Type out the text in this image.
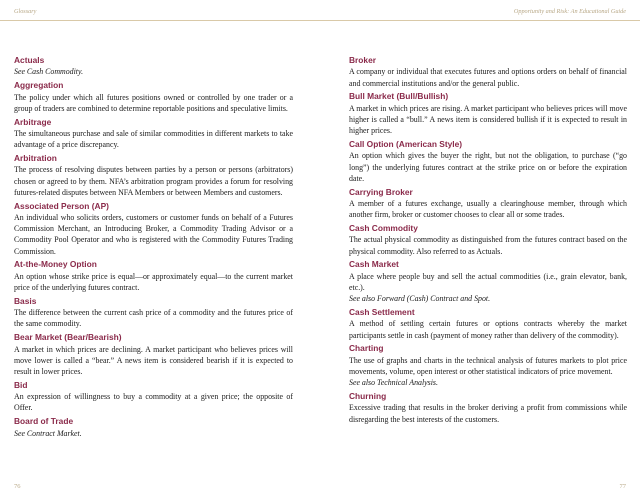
Glossary	Opportunity and Risk: An Educational Guide
Actuals
See Cash Commodity.
Aggregation
The policy under which all futures positions owned or controlled by one trader or a group of traders are combined to determine reportable positions and speculative limits.
Arbitrage
The simultaneous purchase and sale of similar commodities in different markets to take advantage of a price discrepancy.
Arbitration
The process of resolving disputes between parties by a person or persons (arbitrators) chosen or agreed to by them. NFA’s arbitration program provides a forum for resolving futures-related disputes between NFA Members or between Members and customers.
Associated Person (AP)
An individual who solicits orders, customers or customer funds on behalf of a Futures Commission Merchant, an Introducing Broker, a Commodity Trading Advisor or a Commodity Pool Operator and who is registered with the Commodity Futures Trading Commission.
At-the-Money Option
An option whose strike price is equal—or approximately equal—to the current market price of the underlying futures contract.
Basis
The difference between the current cash price of a commodity and the futures price of the same commodity.
Bear Market (Bear/Bearish)
A market in which prices are declining. A market participant who believes prices will move lower is called a “bear.” A news item is considered bearish if it is expected to result in lower prices.
Bid
An expression of willingness to buy a commodity at a given price; the opposite of Offer.
Board of Trade
See Contract Market.
Broker
A company or individual that executes futures and options orders on behalf of financial and commercial institutions and/or the general public.
Bull Market (Bull/Bullish)
A market in which prices are rising. A market participant who believes prices will move higher is called a “bull.” A news item is considered bullish if it is expected to result in higher prices.
Call Option (American Style)
An option which gives the buyer the right, but not the obligation, to purchase (“go long”) the underlying futures contract at the strike price on or before the expiration date.
Carrying Broker
A member of a futures exchange, usually a clearinghouse member, through which another firm, broker or customer chooses to clear all or some trades.
Cash Commodity
The actual physical commodity as distinguished from the futures contract based on the physical commodity. Also referred to as Actuals.
Cash Market
A place where people buy and sell the actual commodities (i.e., grain elevator, bank, etc.).
See also Forward (Cash) Contract and Spot.
Cash Settlement
A method of settling certain futures or options contracts whereby the market participants settle in cash (payment of money rather than delivery of the commodity).
Charting
The use of graphs and charts in the technical analysis of futures markets to plot price movements, volume, open interest or other statistical indicators of price movement.
See also Technical Analysis.
Churning
Excessive trading that results in the broker deriving a profit from commissions while disregarding the best interests of the customers.
76	77
